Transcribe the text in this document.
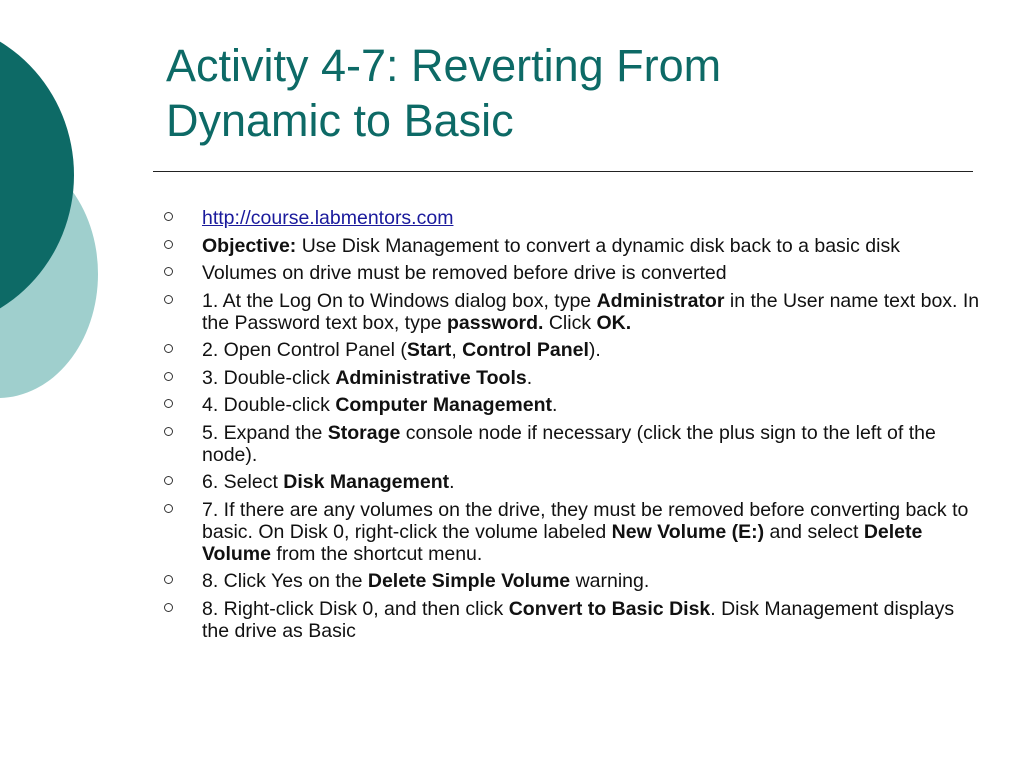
Activity 4-7: Reverting From
Dynamic to Basic
http://course.labmentors.com
Objective: Use Disk Management to convert a dynamic disk back to a basic disk
Volumes on drive must be removed before drive is converted
1. At the Log On to Windows dialog box, type Administrator in the User name text box. In the Password text box, type password. Click OK.
2. Open Control Panel (Start, Control Panel).
3. Double-click Administrative Tools.
4. Double-click Computer Management.
5. Expand the Storage console node if necessary (click the plus sign to the left of the node).
6. Select Disk Management.
7. If there are any volumes on the drive, they must be removed before converting back to basic. On Disk 0, right-click the volume labeled New Volume (E:) and select Delete Volume from the shortcut menu.
8. Click Yes on the Delete Simple Volume warning.
8. Right-click Disk 0, and then click Convert to Basic Disk. Disk Management displays the drive as Basic
